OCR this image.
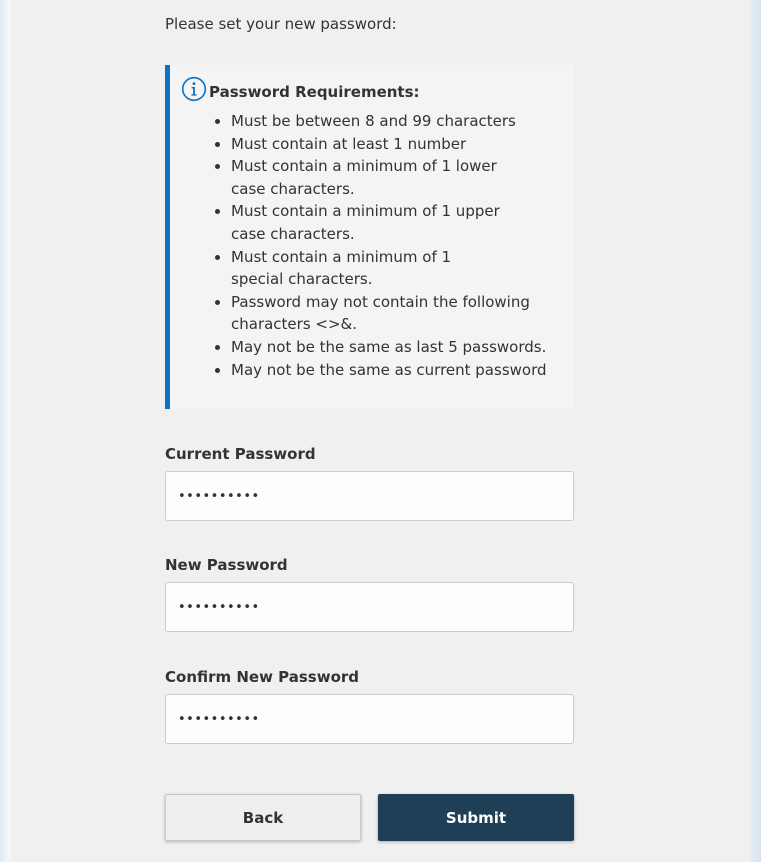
Please set your new password:
Password Requirements:
• Must be between 8 and 99 characters
• Must contain at least 1 number
• Must contain a minimum of 1 lower
case characters.
• Must contain a minimum of 1 upper
case characters.
• Must contain a minimum of 1
special characters.
• Password may not contain the following
characters <>&.
• May not be the same as last 5 passwords.
• May not be the same as current password
Current Password
••••••••••
New Password
••••••••••
Confirm New Password
••••••••••
Back	Submit
